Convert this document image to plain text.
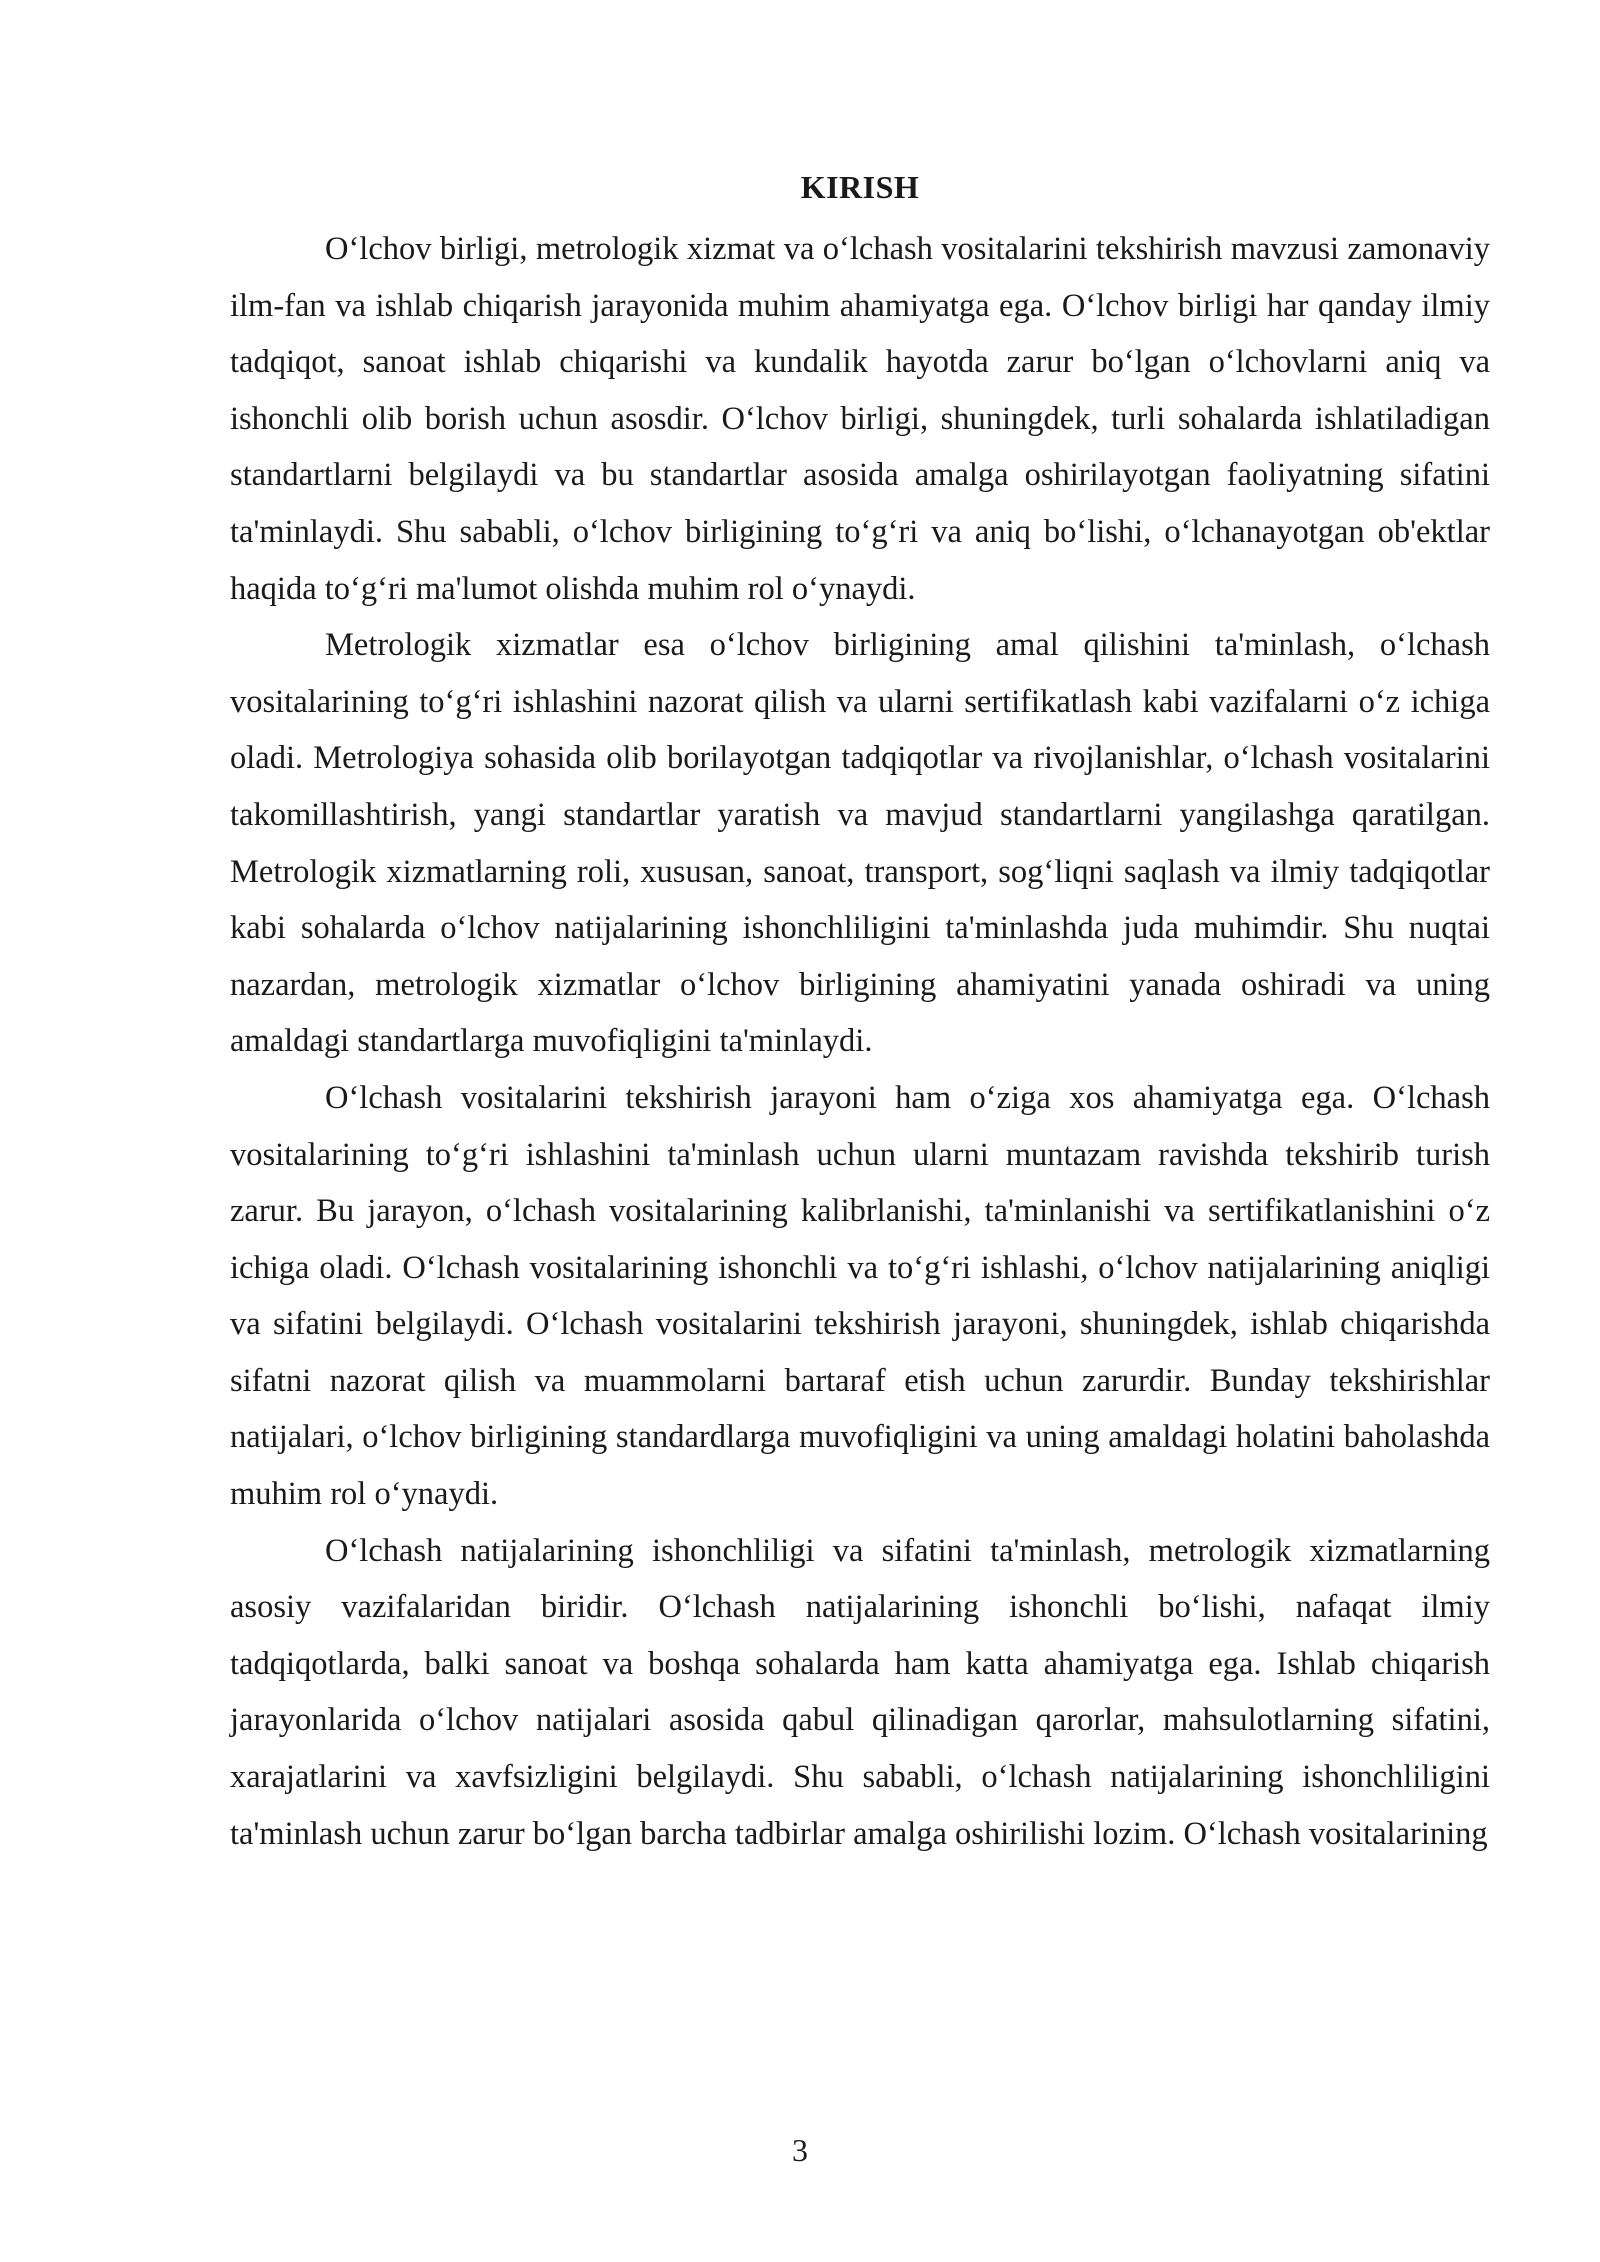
KIRISH

O‘lchov birligi, metrologik xizmat va o‘lchash vositalarini tekshirish mavzusi zamonaviy ilm-fan va ishlab chiqarish jarayonida muhim ahamiyatga ega. O‘lchov birligi har qanday ilmiy tadqiqot, sanoat ishlab chiqarishi va kundalik hayotda zarur bo‘lgan o‘lchovlarni aniq va ishonchli olib borish uchun asosdir. O‘lchov birligi, shuningdek, turli sohalarda ishlatiladigan standartlarni belgilaydi va bu standartlar asosida amalga oshirilayotgan faoliyatning sifatini ta'minlaydi. Shu sababli, o‘lchov birligining to‘g‘ri va aniq bo‘lishi, o‘lchanayotgan ob'ektlar haqida to‘g‘ri ma'lumot olishda muhim rol o‘ynaydi.

Metrologik xizmatlar esa o‘lchov birligining amal qilishini ta'minlash, o‘lchash vositalarining to‘g‘ri ishlashini nazorat qilish va ularni sertifikatlash kabi vazifalarni o‘z ichiga oladi. Metrologiya sohasida olib borilayotgan tadqiqotlar va rivojlanishlar, o‘lchash vositalarini takomillashtirish, yangi standartlar yaratish va mavjud standartlarni yangilashga qaratilgan. Metrologik xizmatlarning roli, xususan, sanoat, transport, sog‘liqni saqlash va ilmiy tadqiqotlar kabi sohalarda o‘lchov natijalarining ishonchliligini ta'minlashda juda muhimdir. Shu nuqtai nazardan, metrologik xizmatlar o‘lchov birligining ahamiyatini yanada oshiradi va uning amaldagi standartlarga muvofiqligini ta'minlaydi.

O‘lchash vositalarini tekshirish jarayoni ham o‘ziga xos ahamiyatga ega. O‘lchash vositalarining to‘g‘ri ishlashini ta'minlash uchun ularni muntazam ravishda tekshirib turish zarur. Bu jarayon, o‘lchash vositalarining kalibrlanishi, ta'minlanishi va sertifikatlanishini o‘z ichiga oladi. O‘lchash vositalarining ishonchli va to‘g‘ri ishlashi, o‘lchov natijalarining aniqligi va sifatini belgilaydi. O‘lchash vositalarini tekshirish jarayoni, shuningdek, ishlab chiqarishda sifatni nazorat qilish va muammolarni bartaraf etish uchun zarurdir. Bunday tekshirishlar natijalari, o‘lchov birligining standardlarga muvofiqligini va uning amaldagi holatini baholashda muhim rol o‘ynaydi.

O‘lchash natijalarining ishonchliligi va sifatini ta'minlash, metrologik xizmatlarning asosiy vazifalaridan biridir. O‘lchash natijalarining ishonchli bo‘lishi, nafaqat ilmiy tadqiqotlarda, balki sanoat va boshqa sohalarda ham katta ahamiyatga ega. Ishlab chiqarish jarayonlarida o‘lchov natijalari asosida qabul qilinadigan qarorlar, mahsulotlarning sifatini, xarajatlarini va xavfsizligini belgilaydi. Shu sababli, o‘lchash natijalarining ishonchliligini ta'minlash uchun zarur bo‘lgan barcha tadbirlar amalga oshirilishi lozim. O‘lchash vositalarining

3
